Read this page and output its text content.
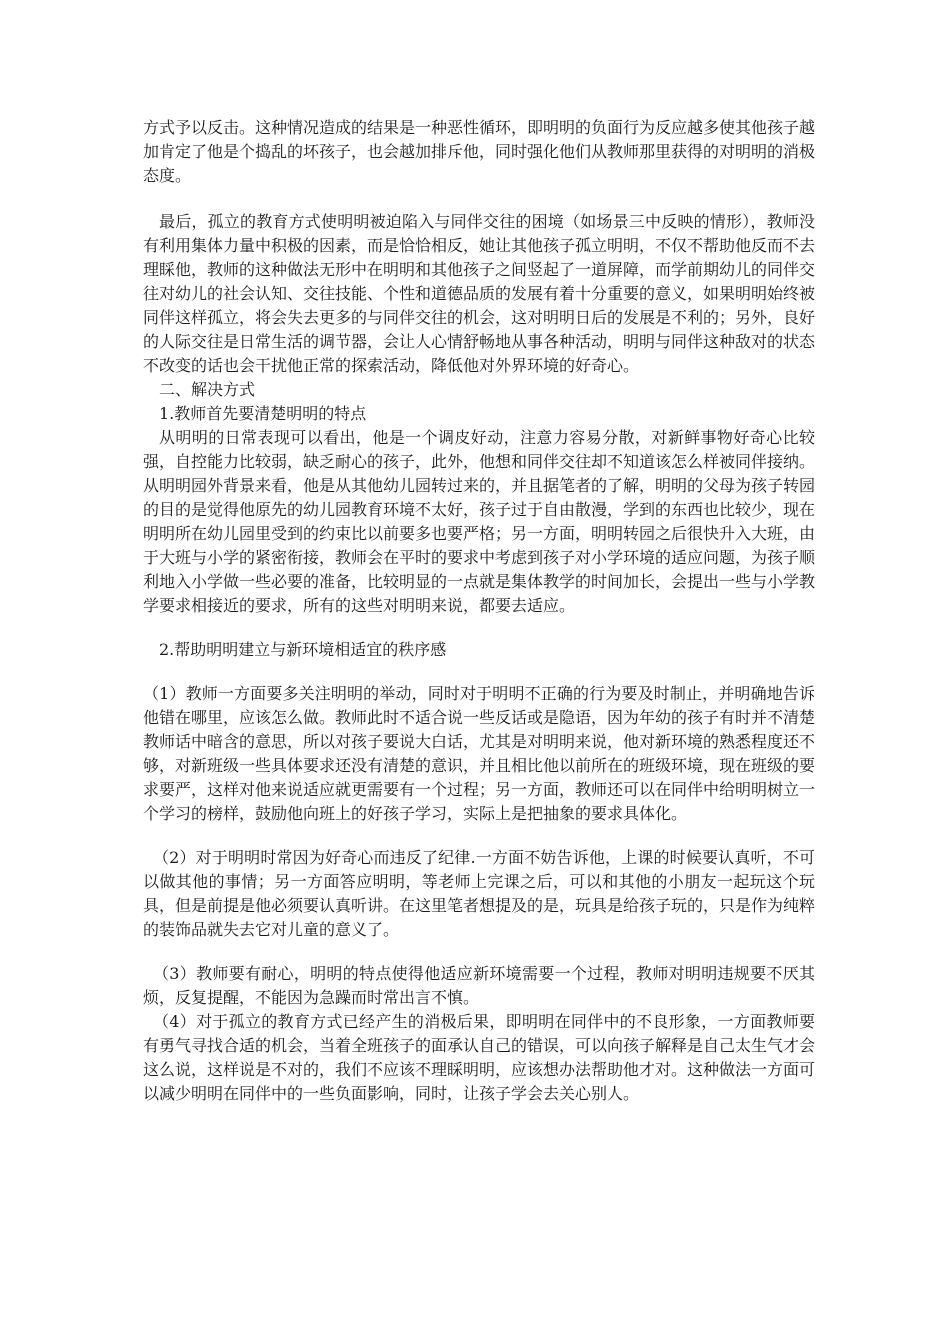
方式予以反击。这种情况造成的结果是一种恶性循环，即明明的负面行为反应越多使其他孩子越加肯定了他是个捣乱的坏孩子，也会越加排斥他，同时强化他们从教师那里获得的对明明的消极态度。

最后，孤立的教育方式使明明被迫陷入与同伴交往的困境（如场景三中反映的情形），教师没有利用集体力量中积极的因素，而是恰恰相反，她让其他孩子孤立明明，不仅不帮助他反而不去理睬他，教师的这种做法无形中在明明和其他孩子之间竖起了一道屏障，而学前期幼儿的同伴交往对幼儿的社会认知、交往技能、个性和道德品质的发展有着十分重要的意义，如果明明始终被同伴这样孤立，将会失去更多的与同伴交往的机会，这对明明日后的发展是不利的；另外，良好的人际交往是日常生活的调节器，会让人心情舒畅地从事各种活动，明明与同伴这种敌对的状态不改变的话也会干扰他正常的探索活动，降低他对外界环境的好奇心。

二、解决方式

1.教师首先要清楚明明的特点

从明明的日常表现可以看出，他是一个调皮好动，注意力容易分散，对新鲜事物好奇心比较强，自控能力比较弱，缺乏耐心的孩子，此外，他想和同伴交往却不知道该怎么样被同伴接纳。从明明园外背景来看，他是从其他幼儿园转过来的，并且据笔者的了解，明明的父母为孩子转园的目的是觉得他原先的幼儿园教育环境不太好，孩子过于自由散漫，学到的东西也比较少，现在明明所在幼儿园里受到的约束比以前要多也要严格；另一方面，明明转园之后很快升入大班，由于大班与小学的紧密衔接，教师会在平时的要求中考虑到孩子对小学环境的适应问题，为孩子顺利地入小学做一些必要的准备，比较明显的一点就是集体教学的时间加长，会提出一些与小学教学要求相接近的要求，所有的这些对明明来说，都要去适应。

2.帮助明明建立与新环境相适宜的秩序感

（1）教师一方面要多关注明明的举动，同时对于明明不正确的行为要及时制止，并明确地告诉他错在哪里，应该怎么做。教师此时不适合说一些反话或是隐语，因为年幼的孩子有时并不清楚教师话中暗含的意思，所以对孩子要说大白话，尤其是对明明来说，他对新环境的熟悉程度还不够，对新班级一些具体要求还没有清楚的意识，并且相比他以前所在的班级环境，现在班级的要求要严，这样对他来说适应就更需要有一个过程；另一方面，教师还可以在同伴中给明明树立一个学习的榜样，鼓励他向班上的好孩子学习，实际上是把抽象的要求具体化。

（2）对于明明时常因为好奇心而违反了纪律.一方面不妨告诉他，上课的时候要认真听，不可以做其他的事情；另一方面答应明明，等老师上完课之后，可以和其他的小朋友一起玩这个玩具，但是前提是他必须要认真听讲。在这里笔者想提及的是，玩具是给孩子玩的，只是作为纯粹的装饰品就失去它对儿童的意义了。

（3）教师要有耐心，明明的特点使得他适应新环境需要一个过程，教师对明明违规要不厌其烦，反复提醒，不能因为急躁而时常出言不慎。

（4）对于孤立的教育方式已经产生的消极后果，即明明在同伴中的不良形象，一方面教师要有勇气寻找合适的机会，当着全班孩子的面承认自己的错误，可以向孩子解释是自己太生气才会这么说，这样说是不对的，我们不应该不理睬明明，应该想办法帮助他才对。这种做法一方面可以减少明明在同伴中的一些负面影响，同时，让孩子学会去关心别人。
